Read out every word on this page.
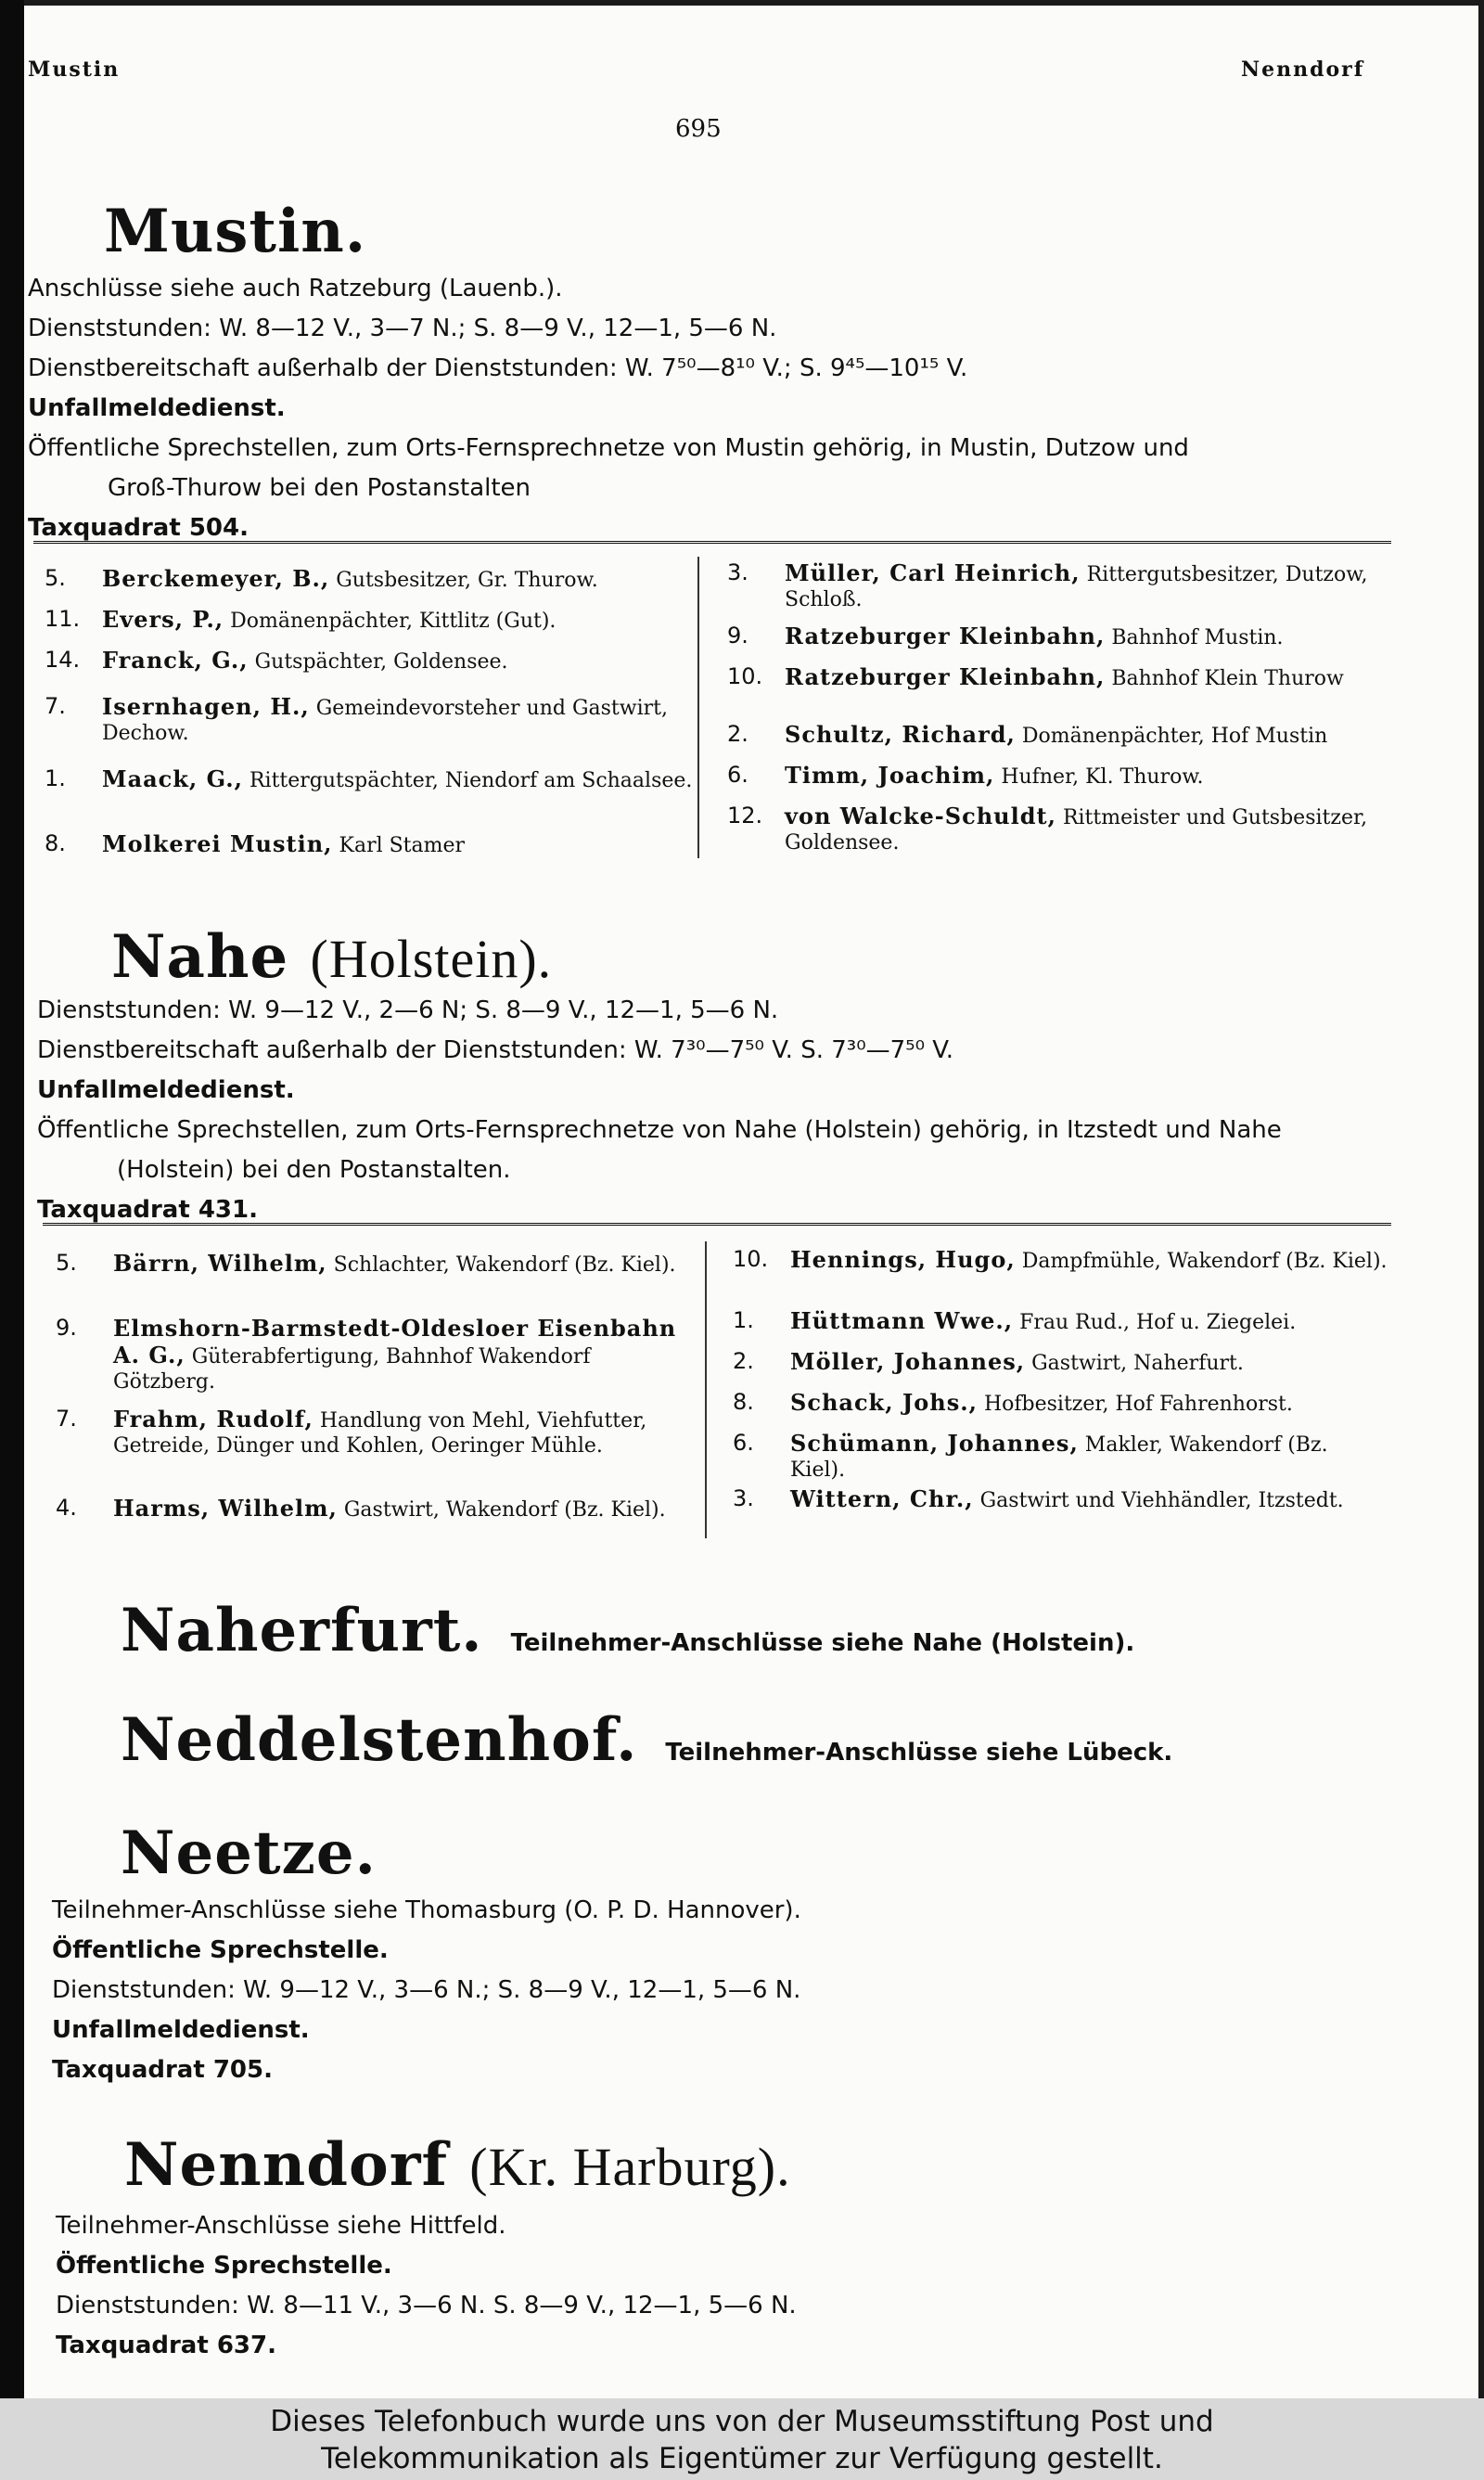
Mustin	Nenndorf
695
Mustin.
Anschlüsse siehe auch Ratzeburg (Lauenb.).
Dienststunden: W. 8—12 V., 3—7 N.; S. 8—9 V., 12—1, 5—6 N.
Dienstbereitschaft außerhalb der Dienststunden: W. 7⁵⁰—8¹⁰ V.; S. 9⁴⁵—10¹⁵ V.
Unfallmeldedienst.
Öffentliche Sprechstellen, zum Orts-Fernsprechnetze von Mustin gehörig, in Mustin, Dutzow und
Groß-Thurow bei den Postanstalten
Taxquadrat 504.
5.	Berckemeyer, B., Gutsbesitzer, Gr. Thurow.
11. Evers, P., Domänenpächter, Kittlitz (Gut).
14. Franck, G., Gutspächter, Goldensee.
7.	Isernhagen, H., Gemeindevorsteher und Gastwirt, Dechow.
1.	Maack, G., Rittergutspächter, Niendorf am Schaalsee.
8.	Molkerei Mustin, Karl Stamer
3.	Müller, Carl Heinrich, Rittergutsbesitzer, Dutzow, Schloß.
9.	Ratzeburger Kleinbahn, Bahnhof Mustin.
10. Ratzeburger Kleinbahn, Bahnhof Klein Thurow
2.	Schultz, Richard, Domänenpächter, Hof Mustin
6.	Timm, Joachim, Hufner, Kl. Thurow.
12. von Walcke-Schuldt, Rittmeister und Gutsbesitzer, Goldensee.
Nahe (Holstein).
Dienststunden: W. 9—12 V., 2—6 N; S. 8—9 V., 12—1, 5—6 N.
Dienstbereitschaft außerhalb der Dienststunden: W. 7³⁰—7⁵⁰ V. S. 7³⁰—7⁵⁰ V.
Unfallmeldedienst.
Öffentliche Sprechstellen, zum Orts-Fernsprechnetze von Nahe (Holstein) gehörig, in Itzstedt und Nahe
(Holstein) bei den Postanstalten.
Taxquadrat 431.
5.	Bärrn, Wilhelm, Schlachter, Wakendorf (Bz. Kiel).
9.	Elmshorn-Barmstedt-Oldesloer Eisenbahn A. G., Güterabfertigung, Bahnhof Wakendorf Götzberg.
7.	Frahm, Rudolf, Handlung von Mehl, Viehfutter, Getreide, Dünger und Kohlen, Oeringer Mühle.
4.	Harms, Wilhelm, Gastwirt, Wakendorf (Bz. Kiel).
10. Hennings, Hugo, Dampfmühle, Wakendorf (Bz. Kiel).
1.	Hüttmann Wwe., Frau Rud., Hof u. Ziegelei.
2.	Möller, Johannes, Gastwirt, Naherfurt.
8.	Schack, Johs., Hofbesitzer, Hof Fahrenhorst.
6.	Schümann, Johannes, Makler, Wakendorf (Bz. Kiel).
3.	Wittern, Chr., Gastwirt und Viehhändler, Itzstedt.
Naherfurt. Teilnehmer-Anschlüsse siehe Nahe (Holstein).
Neddelstenhof. Teilnehmer-Anschlüsse siehe Lübeck.
Neetze.
Teilnehmer-Anschlüsse siehe Thomasburg (O. P. D. Hannover).
Öffentliche Sprechstelle.
Dienststunden: W. 9—12 V., 3—6 N.; S. 8—9 V., 12—1, 5—6 N.
Unfallmeldedienst.
Taxquadrat 705.
Nenndorf (Kr. Harburg).
Teilnehmer-Anschlüsse siehe Hittfeld.
Öffentliche Sprechstelle.
Dienststunden: W. 8—11 V., 3—6 N. S. 8—9 V., 12—1, 5—6 N.
Taxquadrat 637.
Dieses Telefonbuch wurde uns von der Museumsstiftung Post und
Telekommunikation als Eigentümer zur Verfügung gestellt.
